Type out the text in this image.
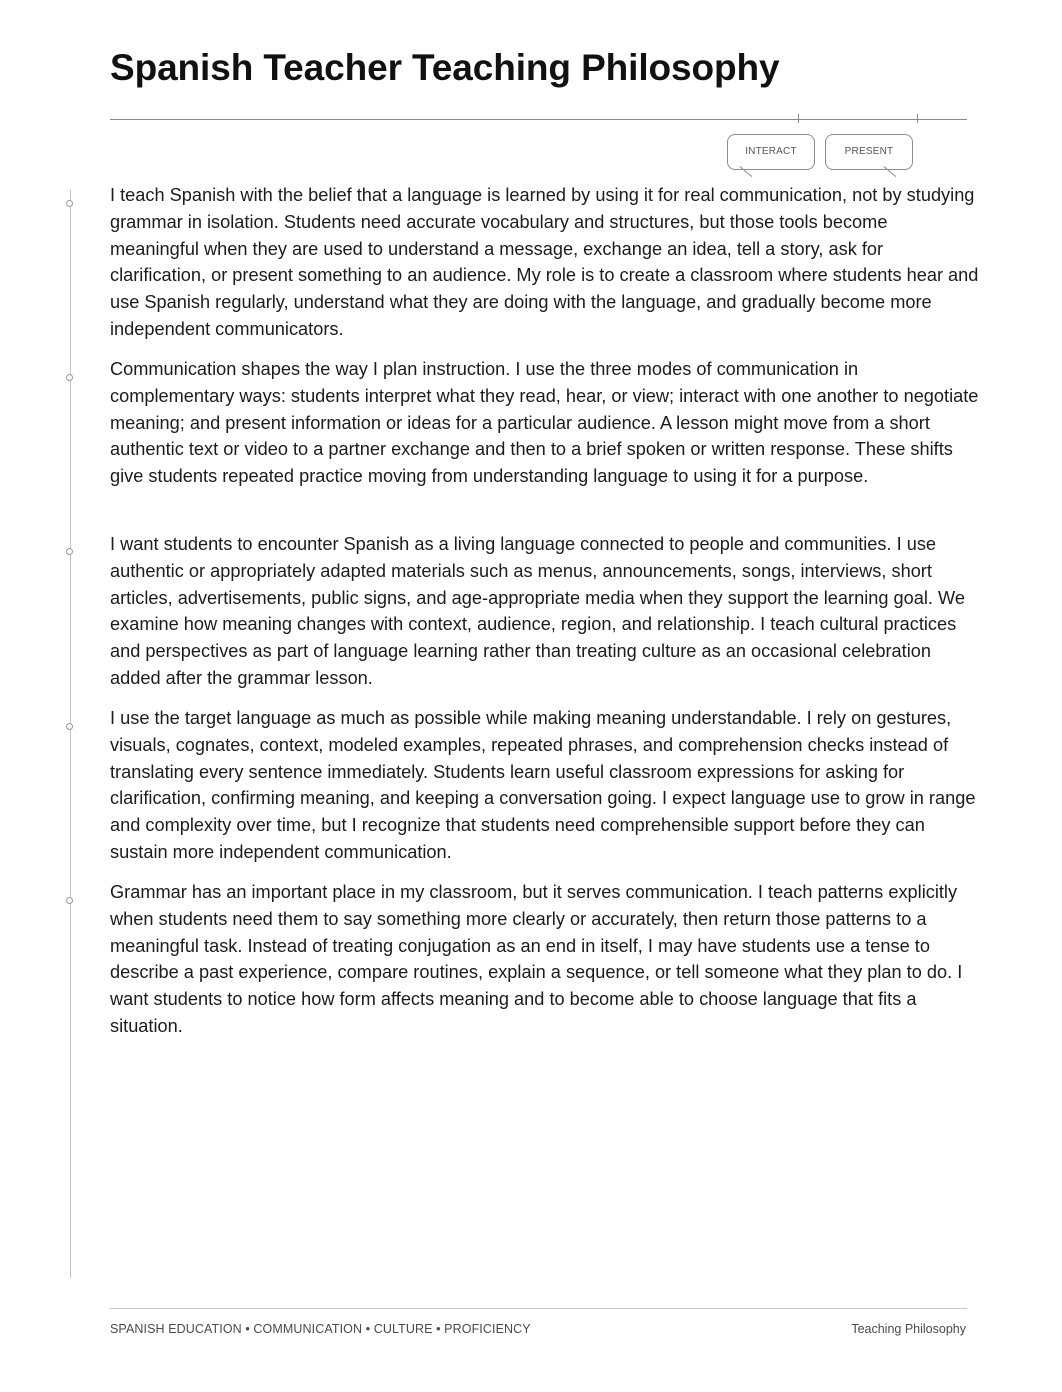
Spanish Teacher Teaching Philosophy
INTERACT	PRESENT

I teach Spanish with the belief that a language is learned by using it for real communication, not by studying grammar in isolation. Students need accurate vocabulary and structures, but those tools become meaningful when they are used to understand a message, exchange an idea, tell a story, ask for clarification, or present something to an audience. My role is to create a classroom where students hear and use Spanish regularly, understand what they are doing with the language, and gradually become more independent communicators.

Communication shapes the way I plan instruction. I use the three modes of communication in complementary ways: students interpret what they read, hear, or view; interact with one another to negotiate meaning; and present information or ideas for a particular audience. A lesson might move from a short authentic text or video to a partner exchange and then to a brief spoken or written response. These shifts give students repeated practice moving from understanding language to using it for a purpose.

I want students to encounter Spanish as a living language connected to people and communities. I use authentic or appropriately adapted materials such as menus, announcements, songs, interviews, short articles, advertisements, public signs, and age-appropriate media when they support the learning goal. We examine how meaning changes with context, audience, region, and relationship. I teach cultural practices and perspectives as part of language learning rather than treating culture as an occasional celebration added after the grammar lesson.

I use the target language as much as possible while making meaning understandable. I rely on gestures, visuals, cognates, context, modeled examples, repeated phrases, and comprehension checks instead of translating every sentence immediately. Students learn useful classroom expressions for asking for clarification, confirming meaning, and keeping a conversation going. I expect language use to grow in range and complexity over time, but I recognize that students need comprehensible support before they can sustain more independent communication.

Grammar has an important place in my classroom, but it serves communication. I teach patterns explicitly when students need them to say something more clearly or accurately, then return those patterns to a meaningful task. Instead of treating conjugation as an end in itself, I may have students use a tense to describe a past experience, compare routines, explain a sequence, or tell someone what they plan to do. I want students to notice how form affects meaning and to become able to choose language that fits a situation.

SPANISH EDUCATION • COMMUNICATION • CULTURE • PROFICIENCY	Teaching Philosophy
